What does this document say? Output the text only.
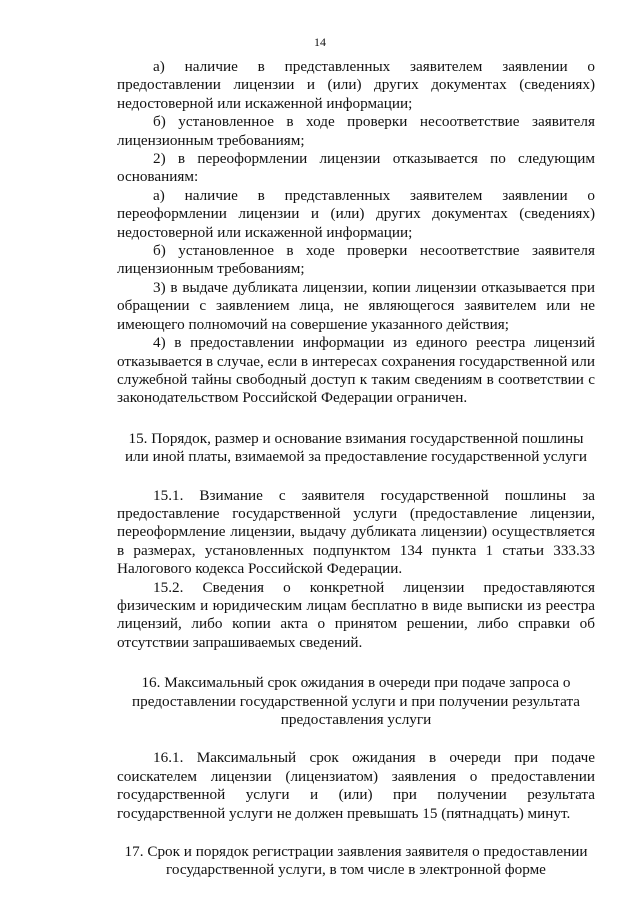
14

а) наличие в представленных заявителем заявлении о предоставлении лицензии и (или) других документах (сведениях) недостоверной или искаженной информации;

б) установленное в ходе проверки несоответствие заявителя лицензионным требованиям;

2) в переоформлении лицензии отказывается по следующим основаниям:

а) наличие в представленных заявителем заявлении о переоформлении лицензии и (или) других документах (сведениях) недостоверной или искаженной информации;

б) установленное в ходе проверки несоответствие заявителя лицензионным требованиям;

3) в выдаче дубликата лицензии, копии лицензии отказывается при обращении с заявлением лица, не являющегося заявителем или не имеющего полномочий на совершение указанного действия;

4) в предоставлении информации из единого реестра лицензий отказывается в случае, если в интересах сохранения государственной или служебной тайны свободный доступ к таким сведениям в соответствии с законодательством Российской Федерации ограничен.

15. Порядок, размер и основание взимания государственной пошлины или иной платы, взимаемой за предоставление государственной услуги

15.1. Взимание с заявителя государственной пошлины за предоставление государственной услуги (предоставление лицензии, переоформление лицензии, выдачу дубликата лицензии) осуществляется в размерах, установленных подпунктом 134 пункта 1 статьи 333.33 Налогового кодекса Российской Федерации.

15.2. Сведения о конкретной лицензии предоставляются физическим и юридическим лицам бесплатно в виде выписки из реестра лицензий, либо копии акта о принятом решении, либо справки об отсутствии запрашиваемых сведений.

16. Максимальный срок ожидания в очереди при подаче запроса о предоставлении государственной услуги и при получении результата предоставления услуги

16.1. Максимальный срок ожидания в очереди при подаче соискателем лицензии (лицензиатом) заявления о предоставлении государственной услуги и (или) при получении результата государственной услуги не должен превышать 15 (пятнадцать) минут.

17. Срок и порядок регистрации заявления заявителя о предоставлении государственной услуги, в том числе в электронной форме
